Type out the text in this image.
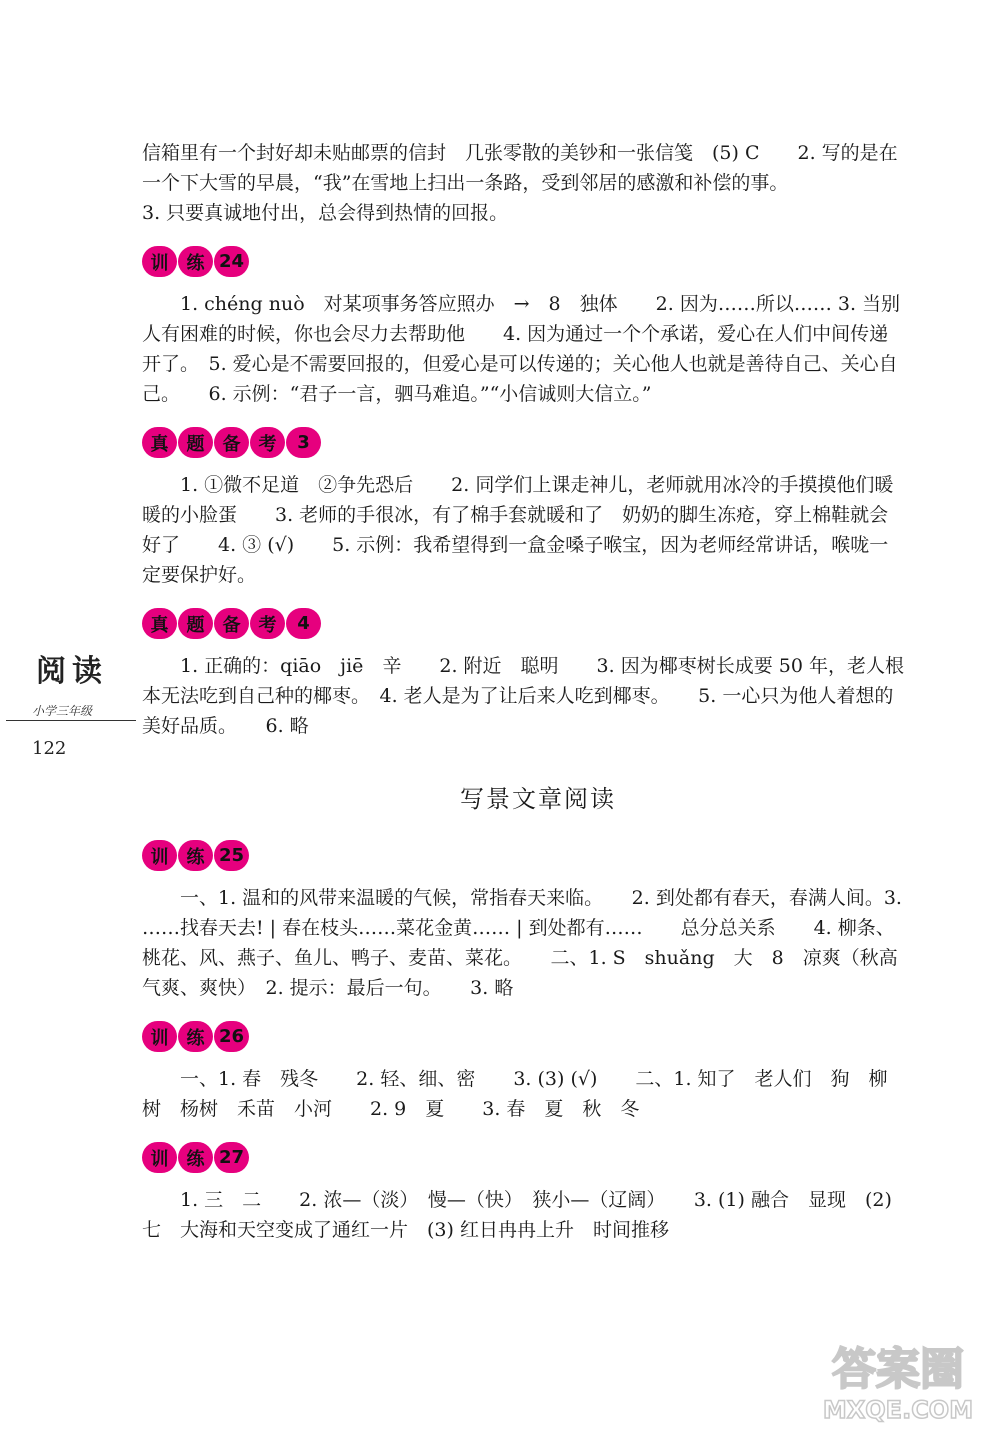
信箱里有一个封好却未贴邮票的信封　几张零散的美钞和一张信笺　(5) C　　2. 写的是在一个下大雪的早晨，“我”在雪地上扫出一条路，受到邻居的感激和补偿的事。

3. 只要真诚地付出，总会得到热情的回报。

训	练 24

1. chéng nuò　对某项事务答应照办　→　8　独体　　2. 因为……所以…… 3. 当别人有困难的时候，你也会尽力去帮助他　　4. 因为通过一个个承诺，爱心在人们中间传递开了。　5. 爱心是不需要回报的，但爱心是可以传递的；关心他人也就是善待自己、关心自己。　　6. 示例：“君子一言，驷马难追。”“小信诚则大信立。”

真	题	备	考	3

1. ①微不足道　②争先恐后　　2. 同学们上课走神儿，老师就用冰冷的手摸摸他们暖暖的小脸蛋　　3. 老师的手很冰，有了棉手套就暖和了　奶奶的脚生冻疮，穿上棉鞋就会好了　　4. ③ (√)　　5. 示例：我希望得到一盒金嗓子喉宝，因为老师经常讲话，喉咙一定要保护好。

真	题	备	考	4

1. 正确的：qiāo　jiē　辛　　2. 附近　聪明　　3. 因为椰枣树长成要 50 年，老人根本无法吃到自己种的椰枣。　4. 老人是为了让后来人吃到椰枣。　　5. 一心只为他人着想的美好品质。　　6. 略

写景文章阅读
训	练 25

一、1. 温和的风带来温暖的气候，常指春天来临。　　2. 到处都有春天，春满人间。3. ……找春天去! | 春在枝头……菜花金黄…… | 到处都有……　　总分总关系　　4. 柳条、桃花、风、燕子、鱼儿、鸭子、麦苗、菜花。　　二、1. S　shuǎng　大　8　凉爽（秋高气爽、爽快）　2. 提示：最后一句。　　3. 略

训	练 26

一、1. 春　残冬　　2. 轻、细、密　　3. (3) (√)　　二、1. 知了　老人们　狗　柳树　杨树　禾苗　小河　　2. 9　夏　　3. 春　夏　秋　冬

训	练 27

1. 三　二　　2. 浓—（淡）　慢—（快）　狭小—（辽阔）　　3. (1) 融合　显现　(2) 七　大海和天空变成了通红一片　(3) 红日冉冉上升　时间推移

阅读
小学三年级
122
答案圈
MXQE.COM
